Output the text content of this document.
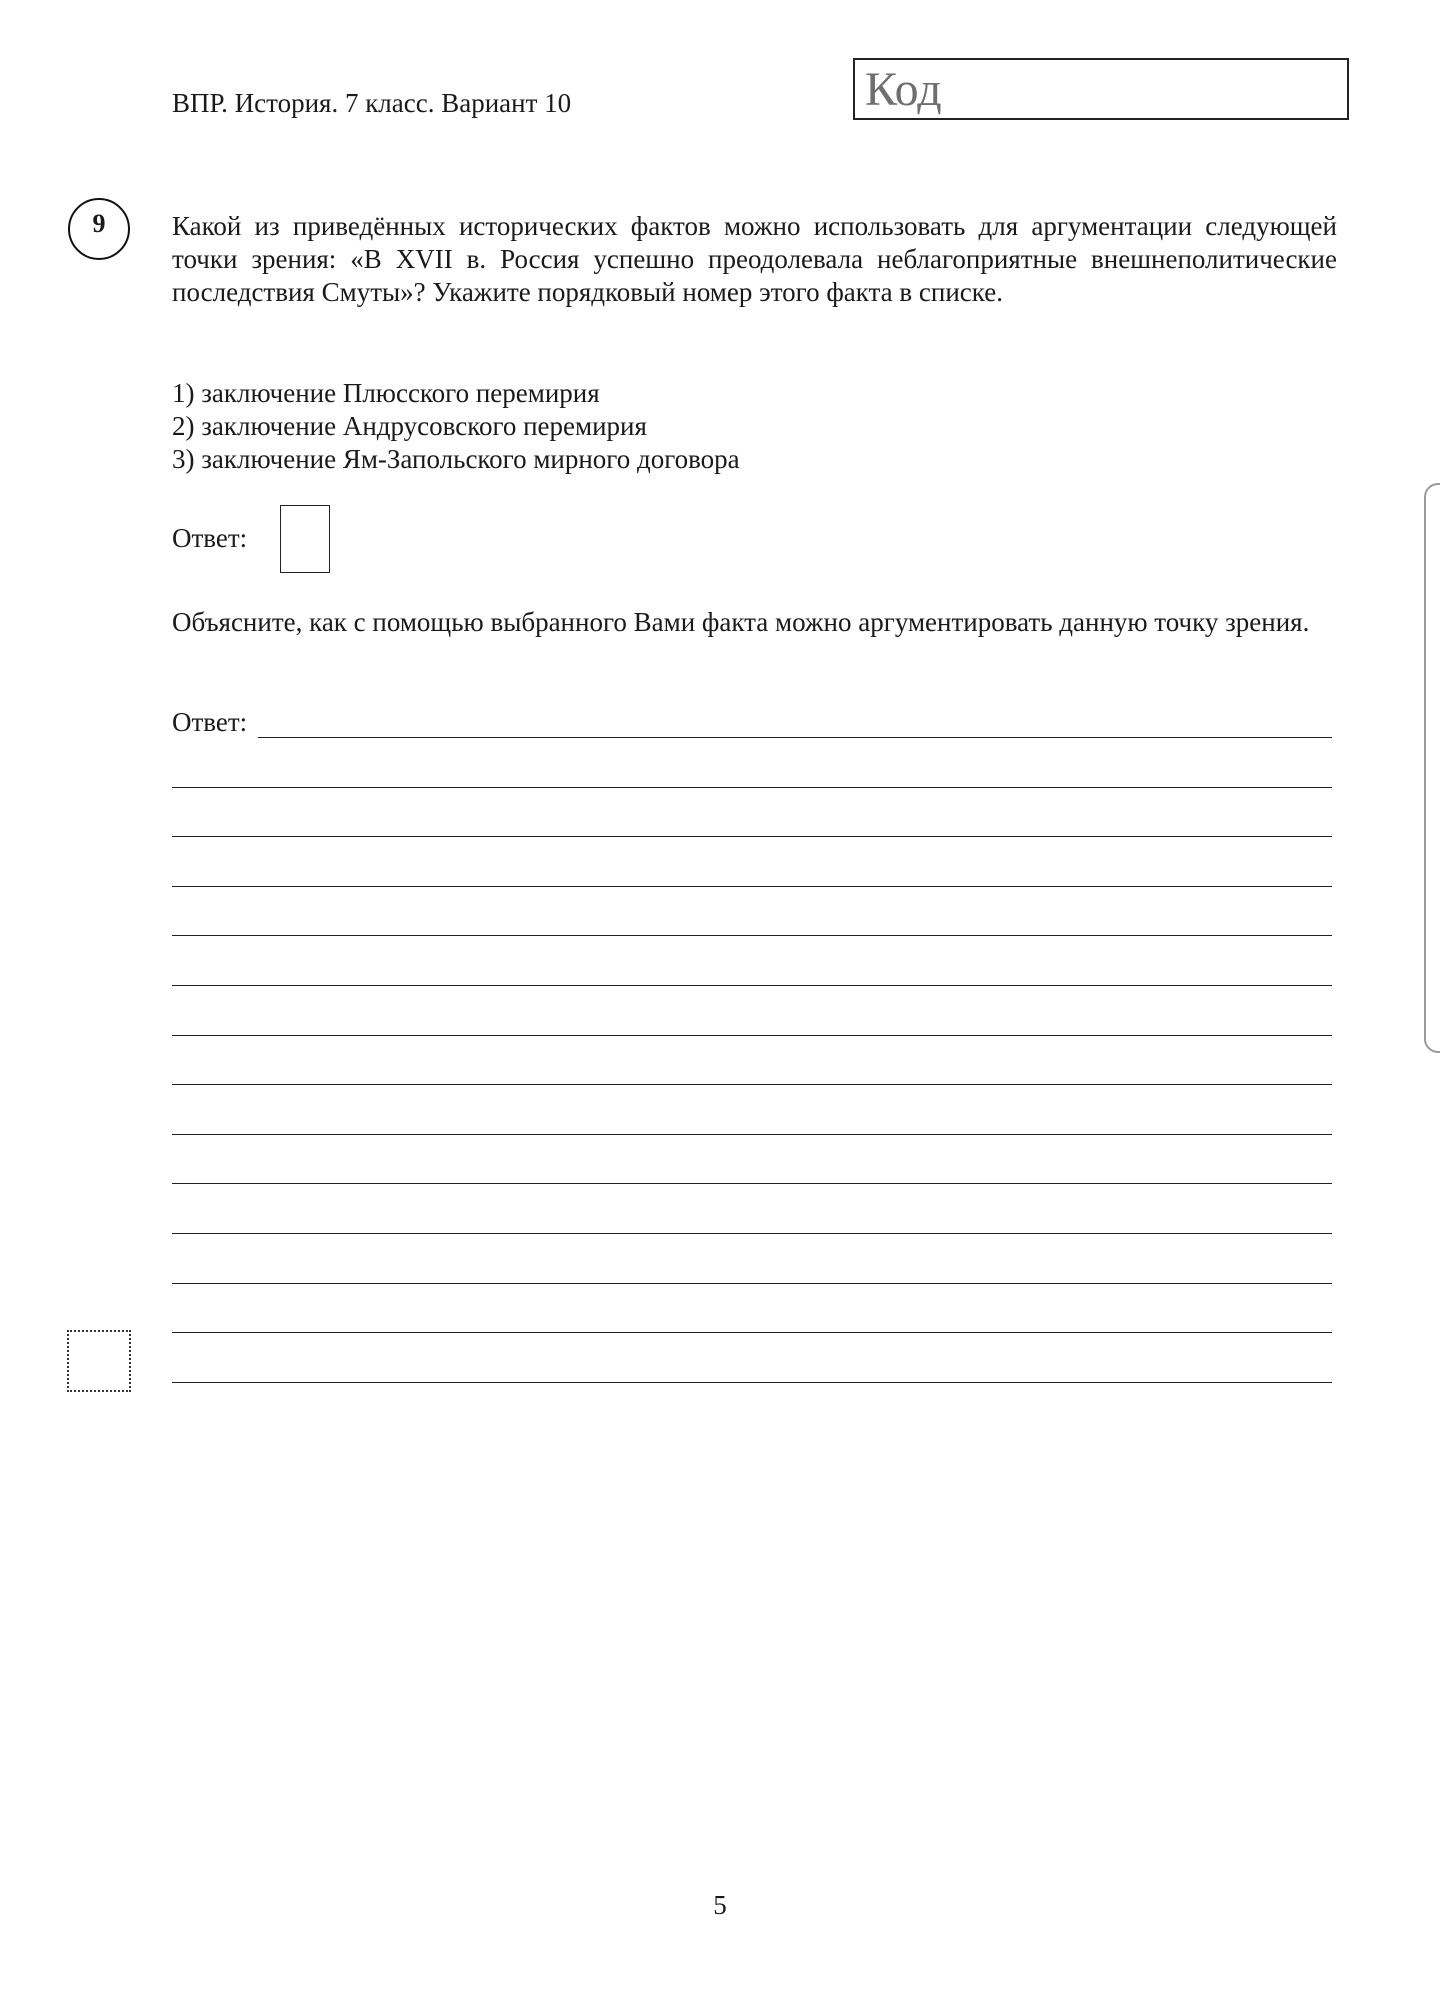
ВПР. История. 7 класс. Вариант 10	Код
9	Какой из приведённых исторических фактов можно использовать для аргументации следующей точки зрения: «В XVII в. Россия успешно преодолевала неблагоприятные внешнеполитические последствия Смуты»? Укажите порядковый номер этого факта в списке.
1) заключение Плюсского перемирия
2) заключение Андрусовского перемирия
3) заключение Ям-Запольского мирного договора
Ответ:
Объясните, как с помощью выбранного Вами факта можно аргументировать данную точку зрения.
Ответ:
5
